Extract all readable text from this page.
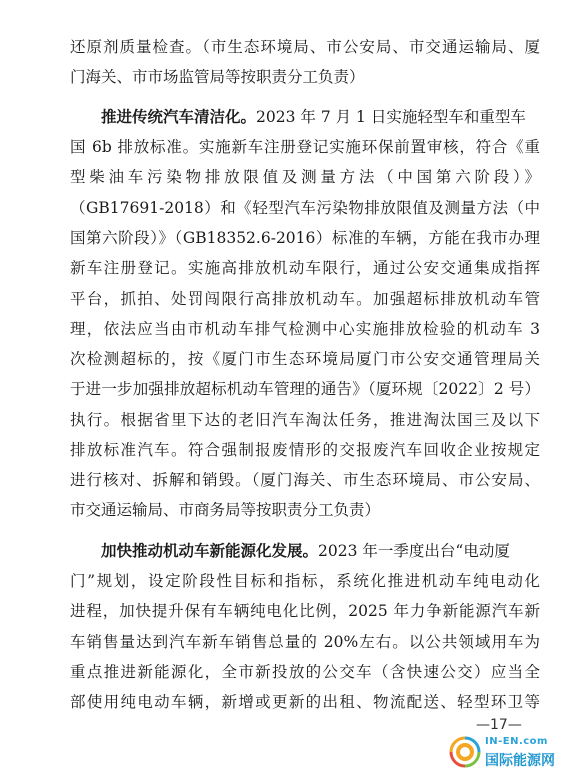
还原剂质量检查。（市生态环境局、市公安局、市交通运输局、厦
门海关、市市场监管局等按职责分工负责）
推进传统汽车清洁化。2023 年 7 月 1 日实施轻型车和重型车
国 6b 排放标准。实施新车注册登记实施环保前置审核，符合《重
型柴油车污染物排放限值及测量方法（中国第六阶段）》
（GB17691-2018）和《轻型汽车污染物排放限值及测量方法（中
国第六阶段）》（GB18352.6-2016）标准的车辆，方能在我市办理
新车注册登记。实施高排放机动车限行，通过公安交通集成指挥
平台，抓拍、处罚闯限行高排放机动车。加强超标排放机动车管
理，依法应当由市机动车排气检测中心实施排放检验的机动车 3
次检测超标的，按《厦门市生态环境局厦门市公安交通管理局关
于进一步加强排放超标机动车管理的通告》（厦环规〔2022〕2 号）
执行。根据省里下达的老旧汽车淘汰任务，推进淘汰国三及以下
排放标准汽车。符合强制报废情形的交报废汽车回收企业按规定
进行核对、拆解和销毁。（厦门海关、市生态环境局、市公安局、
市交通运输局、市商务局等按职责分工负责）
加快推动机动车新能源化发展。2023 年一季度出台“电动厦
门”规划，设定阶段性目标和指标，系统化推进机动车纯电动化
进程，加快提升保有车辆纯电化比例，2025 年力争新能源汽车新
车销售量达到汽车新车销售总量的 20%左右。以公共领域用车为
重点推进新能源化，全市新投放的公交车（含快速公交）应当全
部使用纯电动车辆，新增或更新的出租、物流配送、轻型环卫等
—17—
IN-EN.com
国际能源网
